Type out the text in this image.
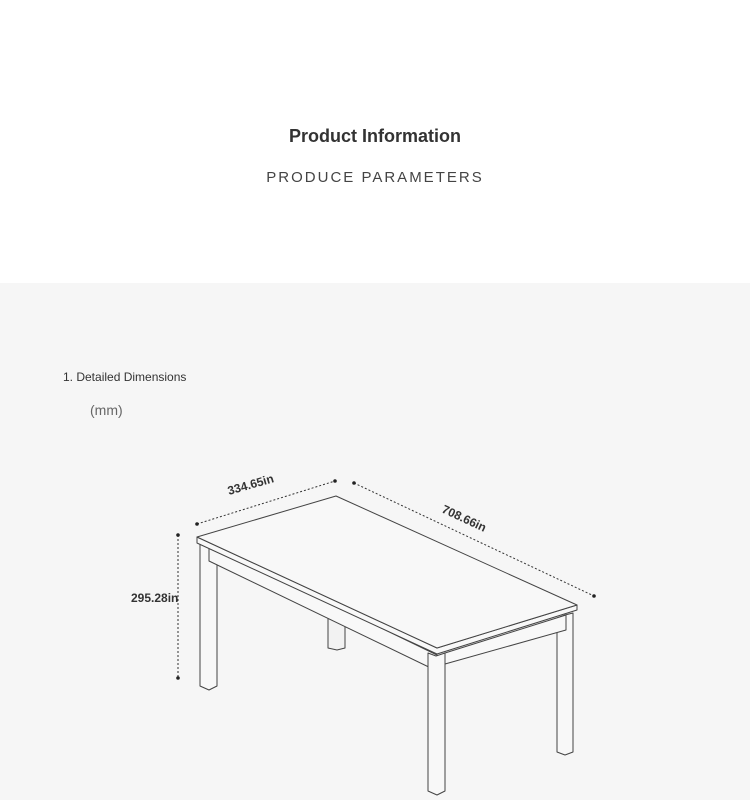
Product Information
PRODUCE PARAMETERS
1. Detailed Dimensions
(mm)
334.65in
708.66in
295.28in
